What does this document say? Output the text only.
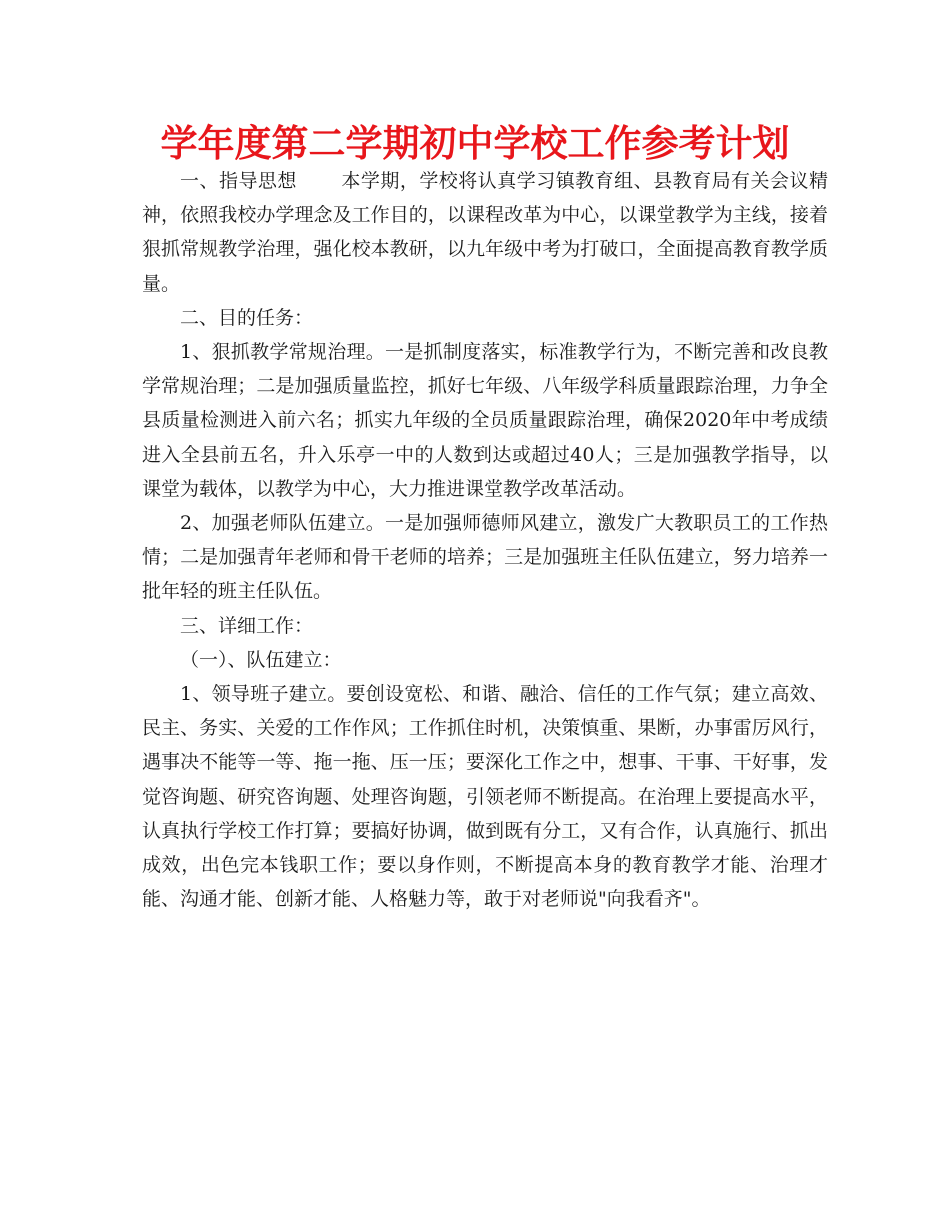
学年度第二学期初中学校工作参考计划

一、指导思想 本学期，学校将认真学习镇教育组、县教育局有关会议精神，依照我校办学理念及工作目的，以课程改革为中心，以课堂教学为主线，接着狠抓常规教学治理，强化校本教研，以九年级中考为打破口，全面提高教育教学质量。

二、目的任务：

1、狠抓教学常规治理。一是抓制度落实，标准教学行为，不断完善和改良教学常规治理；二是加强质量监控，抓好七年级、八年级学科质量跟踪治理，力争全县质量检测进入前六名；抓实九年级的全员质量跟踪治理，确保2020年中考成绩进入全县前五名，升入乐亭一中的人数到达或超过40人；三是加强教学指导，以课堂为载体，以教学为中心，大力推进课堂教学改革活动。

2、加强老师队伍建立。一是加强师德师风建立，激发广大教职员工的工作热情；二是加强青年老师和骨干老师的培养；三是加强班主任队伍建立，努力培养一批年轻的班主任队伍。

三、详细工作：

（一）、队伍建立：

1、领导班子建立。要创设宽松、和谐、融洽、信任的工作气氛；建立高效、民主、务实、关爱的工作作风；工作抓住时机，决策慎重、果断，办事雷厉风行，遇事决不能等一等、拖一拖、压一压；要深化工作之中，想事、干事、干好事，发觉咨询题、研究咨询题、处理咨询题，引领老师不断提高。在治理上要提高水平，认真执行学校工作打算；要搞好协调，做到既有分工，又有合作，认真施行、抓出成效，出色完本钱职工作；要以身作则，不断提高本身的教育教学才能、治理才能、沟通才能、创新才能、人格魅力等，敢于对老师说"向我看齐"。
